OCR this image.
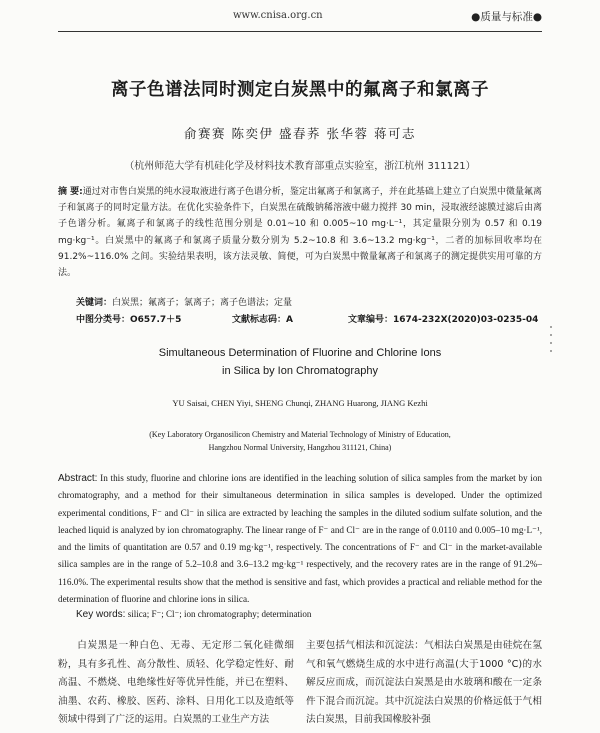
www.cnisa.org.cn	●质量与标准●
离子色谱法同时测定白炭黑中的氟离子和氯离子
俞赛赛 陈奕伊 盛春荞 张华蓉 蒋可志
（杭州师范大学有机硅化学及材料技术教育部重点实验室，浙江杭州 311121）
摘 要:通过对市售白炭黑的纯水浸取液进行离子色谱分析，鉴定出氟离子和氯离子，并在此基础上建立了白炭黑中微量氟离子和氯离子的同时定量方法。在优化实验条件下，白炭黑在硫酸钠稀溶液中磁力搅拌 30 min，浸取液经滤膜过滤后由离子色谱分析。氟离子和氯离子的线性范围分别是 0.01~10 和 0.005~10 mg·L⁻¹，其定量限分别为 0.57 和 0.19 mg·kg⁻¹。白炭黑中的氟离子和氯离子质量分数分别为 5.2~10.8 和 3.6~13.2 mg·kg⁻¹，二者的加标回收率均在 91.2%~116.0% 之间。实验结果表明，该方法灵敏、简便，可为白炭黑中微量氟离子和氯离子的测定提供实用可靠的方法。
关键词：白炭黑；氟离子；氯离子；离子色谱法；定量
中图分类号：O657.7＋5	文献标志码：A	文章编号：1674-232X(2020)03-0235-04
Simultaneous Determination of Fluorine and Chlorine Ions
in Silica by Ion Chromatography
YU Saisai, CHEN Yiyi, SHENG Chunqi, ZHANG Huarong, JIANG Kezhi
(Key Laboratory Organosilicon Chemistry and Material Technology of Ministry of Education,
Hangzhou Normal University, Hangzhou 311121, China)
Abstract: In this study, fluorine and chlorine ions are identified in the leaching solution of silica samples from the market by ion chromatography, and a method for their simultaneous determination in silica samples is developed. Under the optimized experimental conditions, F⁻ and Cl⁻ in silica are extracted by leaching the samples in the diluted sodium sulfate solution, and the leached liquid is analyzed by ion chromatography. The linear range of F⁻ and Cl⁻ are in the range of 0.0110 and 0.005–10 mg·L⁻¹, and the limits of quantitation are 0.57 and 0.19 mg·kg⁻¹, respectively. The concentrations of F⁻ and Cl⁻ in the market-available silica samples are in the range of 5.2–10.8 and 3.6–13.2 mg·kg⁻¹ respectively, and the recovery rates are in the range of 91.2%–116.0%. The experimental results show that the method is sensitive and fast, which provides a practical and reliable method for the determination of fluorine and chlorine ions in silica.
Key words: silica; F⁻; Cl⁻; ion chromatography; determination
白炭黑是一种白色、无毒、无定形二氧化硅微细粉，具有多孔性、高分散性、质轻、化学稳定性好、耐高温、不燃烧、电绝缘性好等优异性能，并已在塑料、油墨、农药、橡胶、医药、涂料、日用化工以及造纸等领域中得到了广泛的运用。白炭黑的工业生产方法
主要包括气相法和沉淀法：气相法白炭黑是由硅烷在氢气和氧气燃烧生成的水中进行高温(大于1000 °C)的水解反应而成，而沉淀法白炭黑是由水玻璃和酸在一定条件下混合而沉淀。其中沉淀法白炭黑的价格远低于气相法白炭黑，目前我国橡胶补强
